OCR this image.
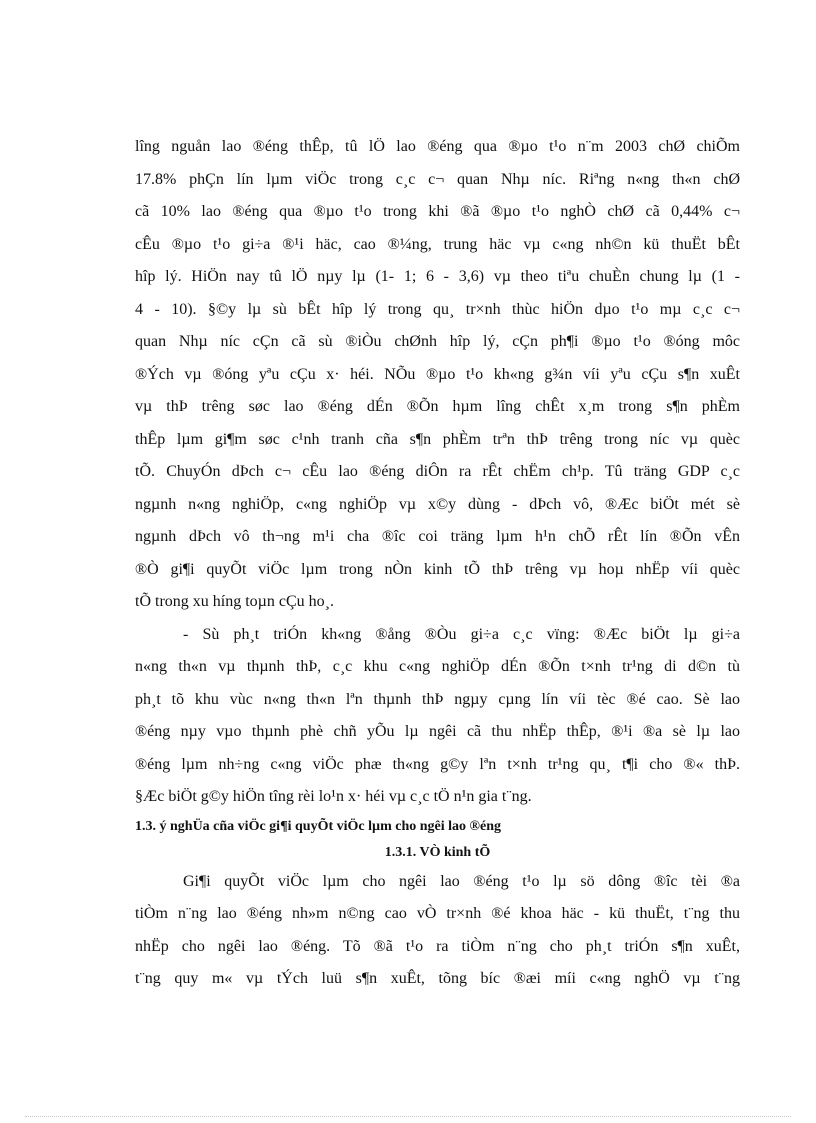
lîng nguån lao ®éng thÊp, tû lÖ lao ®éng qua ®µo t¹o n¨m 2003 chØ chiÕm
17.8% phÇn lín lµm viÖc trong c¸c c¬ quan Nhµ níc. Riªng n«ng th«n chØ
cã 10% lao ®éng qua ®µo t¹o trong khi ®ã ®µo t¹o nghÒ chØ cã 0,44% c¬
cÊu ®µo t¹o gi÷a ®¹i häc, cao ®¼ng, trung häc vµ c«ng nh©n kü thuËt bÊt
hîp lý. HiÖn nay tû lÖ nµy lµ (1- 1; 6 - 3,6) vµ theo tiªu chuÈn chung lµ (1 -
4 - 10). §©y lµ sù bÊt hîp lý trong qu¸ tr×nh thùc hiÖn dµo t¹o mµ c¸c c¬
quan Nhµ níc cÇn cã sù ®iÒu chØnh hîp lý, cÇn ph¶i ®µo t¹o ®óng môc
®Ých vµ ®óng yªu cÇu x· héi. NÕu ®µo t¹o kh«ng g¾n víi yªu cÇu s¶n xuÊt
vµ thÞ trêng søc lao ®éng dÉn ®Õn hµm lîng chÊt x¸m trong s¶n phÈm
thÊp lµm gi¶m søc c¹nh tranh cña s¶n phÈm trªn thÞ trêng trong níc vµ quèc
tÕ. ChuyÓn dÞch c¬ cÊu lao ®éng diÔn ra rÊt chËm ch¹p. Tû träng GDP c¸c
ngµnh n«ng nghiÖp, c«ng nghiÖp vµ x©y dùng - dÞch vô, ®Æc biÖt mét sè
ngµnh dÞch vô th¬ng m¹i cha ®îc coi träng lµm h¹n chÕ rÊt lín ®Õn vÊn
®Ò gi¶i quyÕt viÖc lµm trong nÒn kinh tÕ thÞ trêng vµ hoµ nhËp víi quèc
tÕ trong xu híng toµn cÇu ho¸.
- Sù ph¸t triÓn kh«ng ®ång ®Òu gi÷a c¸c vïng: ®Æc biÖt lµ gi÷a
n«ng th«n vµ thµnh thÞ, c¸c khu c«ng nghiÖp dÉn ®Õn t×nh tr¹ng di d©n tù
ph¸t tõ khu vùc n«ng th«n lªn thµnh thÞ ngµy cµng lín víi tèc ®é cao. Sè lao
®éng nµy vµo thµnh phè chñ yÕu lµ ngêi cã thu nhËp thÊp, ®¹i ®a sè lµ lao
®éng lµm nh÷ng c«ng viÖc phæ th«ng g©y lªn t×nh tr¹ng qu¸ t¶i cho ®« thÞ.
§Æc biÖt g©y hiÖn tîng rèi lo¹n x· héi vµ c¸c tÖ n¹n gia t¨ng.
1.3. ý nghÜa cña viÖc gi¶i quyÕt viÖc lµm cho ngêi lao ®éng
1.3.1. VÒ kinh tÕ
Gi¶i quyÕt viÖc lµm cho ngêi lao ®éng t¹o lµ sö dông ®îc tèi ®a
tiÒm n¨ng lao ®éng nh»m n©ng cao vÒ tr×nh ®é khoa häc - kü thuËt, t¨ng thu
nhËp cho ngêi lao ®éng. Tõ ®ã t¹o ra tiÒm n¨ng cho ph¸t triÓn s¶n xuÊt,
t¨ng quy m« vµ tÝch luü s¶n xuÊt, tõng bíc ®æi míi c«ng nghÖ vµ t¨ng
